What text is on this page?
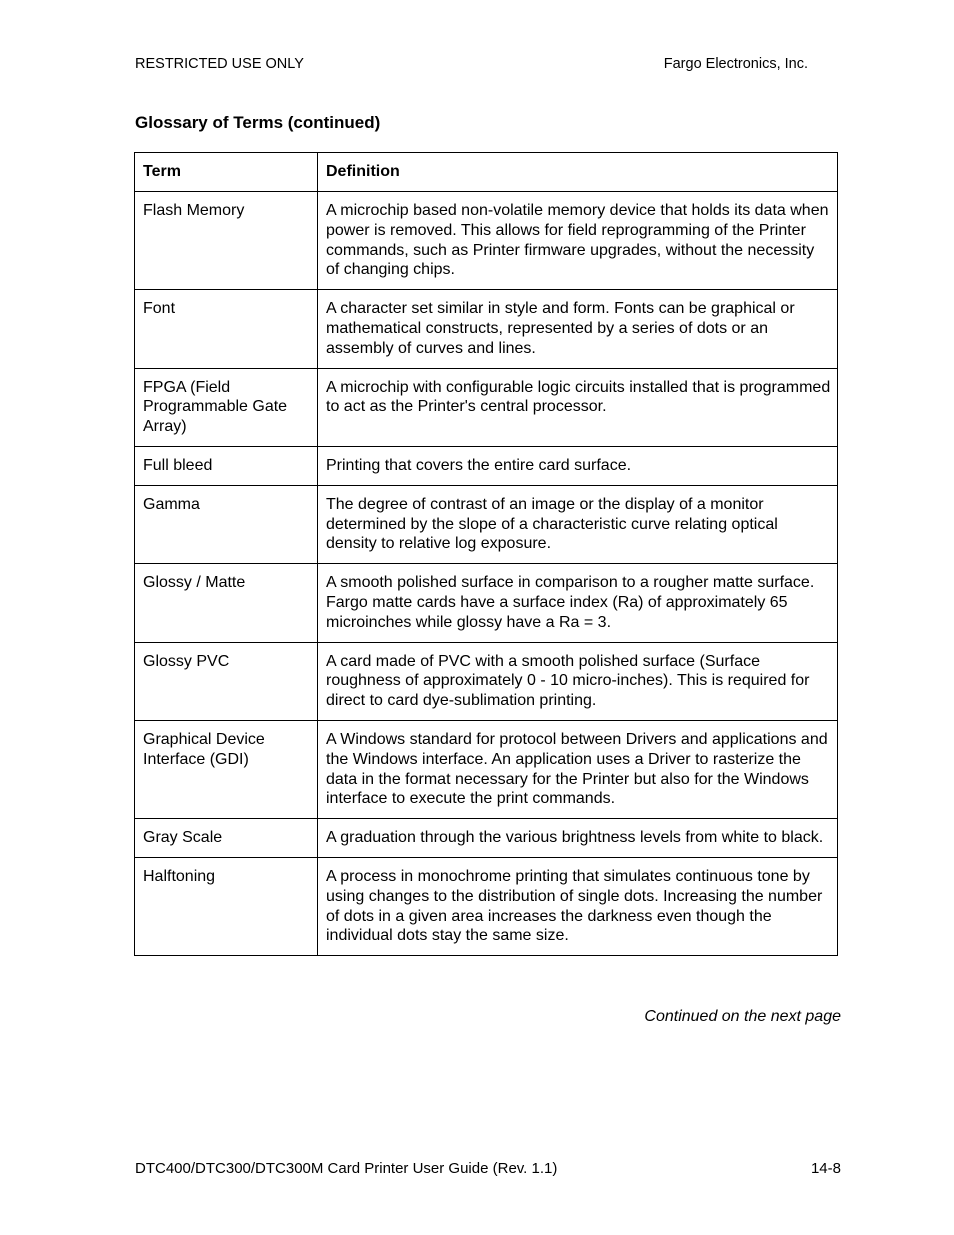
RESTRICTED USE ONLY	Fargo Electronics, Inc.
Glossary of Terms (continued)
Term	Definition
Flash Memory	A microchip based non-volatile memory device that holds its data when power is removed. This allows for field reprogramming of the Printer commands, such as Printer firmware upgrades, without the necessity of changing chips.
Font	A character set similar in style and form. Fonts can be graphical or mathematical constructs, represented by a series of dots or an assembly of curves and lines.
FPGA (Field Programmable Gate Array)	A microchip with configurable logic circuits installed that is programmed to act as the Printer's central processor.
Full bleed	Printing that covers the entire card surface.
Gamma	The degree of contrast of an image or the display of a monitor determined by the slope of a characteristic curve relating optical density to relative log exposure.
Glossy / Matte	A smooth polished surface in comparison to a rougher matte surface. Fargo matte cards have a surface index (Ra) of approximately 65 microinches while glossy have a Ra = 3.
Glossy PVC	A card made of PVC with a smooth polished surface (Surface roughness of approximately 0 - 10 micro-inches). This is required for direct to card dye-sublimation printing.
Graphical Device Interface (GDI)	A Windows standard for protocol between Drivers and applications and the Windows interface. An application uses a Driver to rasterize the data in the format necessary for the Printer but also for the Windows interface to execute the print commands.
Gray Scale	A graduation through the various brightness levels from white to black.
Halftoning	A process in monochrome printing that simulates continuous tone by using changes to the distribution of single dots. Increasing the number of dots in a given area increases the darkness even though the individual dots stay the same size.
Continued on the next page
DTC400/DTC300/DTC300M Card Printer User Guide (Rev. 1.1)	14-8
